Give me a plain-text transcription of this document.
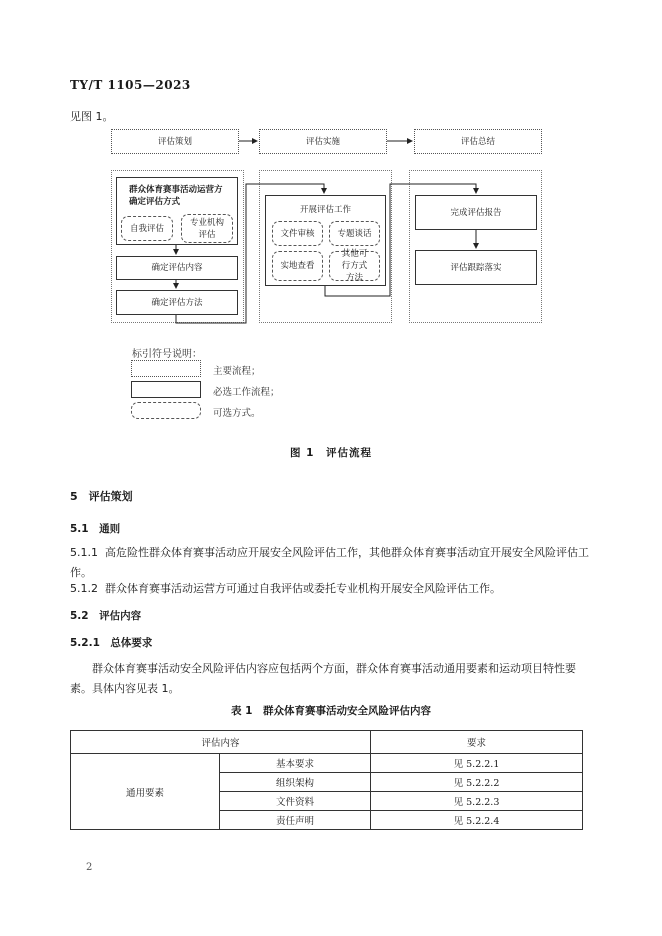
TY/T 1105—2023
见图 1。
评估策划	评估实施	评估总结
群众体育赛事活动运营方确定评估方式
自我评估
专业机构评估
确定评估内容
确定评估方法
开展评估工作
文件审核	专题谈话
实地查看
其他可行方式方法
完成评估报告
评估跟踪落实
标引符号说明：
主要流程；
必选工作流程；
可选方式。
图 1　评估流程
5　评估策划
5.1　通则
5.1.1 高危险性群众体育赛事活动应开展安全风险评估工作，其他群众体育赛事活动宜开展安全风险评估工作。
5.1.2 群众体育赛事活动运营方可通过自我评估或委托专业机构开展安全风险评估工作。
5.2　评估内容
5.2.1　总体要求
群众体育赛事活动安全风险评估内容应包括两个方面，群众体育赛事活动通用要素和运动项目特性要素。具体内容见表 1。
表 1　群众体育赛事活动安全风险评估内容
评估内容		要求
通用要素	基本要求	见 5.2.2.1
	组织架构	见 5.2.2.2
	文件资料	见 5.2.2.3
	责任声明	见 5.2.2.4
2
